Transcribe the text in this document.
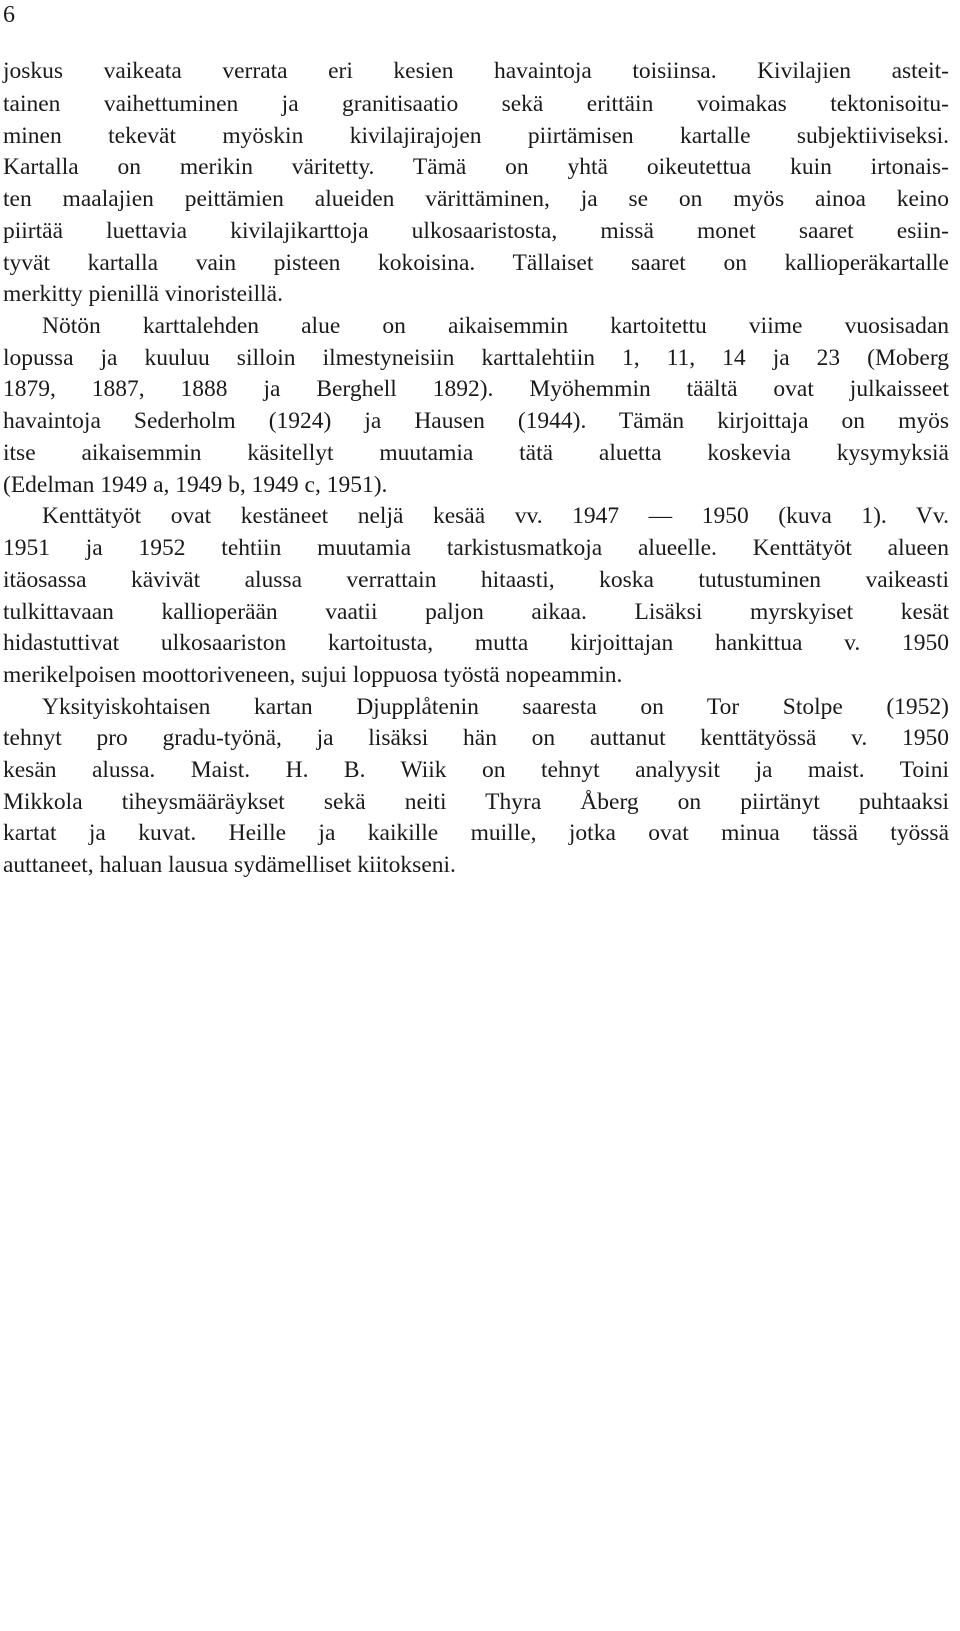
6
joskus vaikeata verrata eri kesien havaintoja toisiinsa. Kivilajien asteit-
tainen vaihettuminen ja granitisaatio sekä erittäin voimakas tektonisoitu-
minen tekevät myöskin kivilajirajojen piirtämisen kartalle subjektiiviseksi.
Kartalla on merikin väritetty. Tämä on yhtä oikeutettua kuin irtonais-
ten maalajien peittämien alueiden värittäminen, ja se on myös ainoa keino
piirtää luettavia kivilajikarttoja ulkosaaristosta, missä monet saaret esiin-
tyvät kartalla vain pisteen kokoisina. Tällaiset saaret on kallioperäkartalle
merkitty pienillä vinoristeillä.
Nötön karttalehden alue on aikaisemmin kartoitettu viime vuosisadan
lopussa ja kuuluu silloin ilmestyneisiin karttalehtiin 1, 11, 14 ja 23 (Moberg
1879, 1887, 1888 ja Berghell 1892). Myöhemmin täältä ovat julkaisseet
havaintoja Sederholm (1924) ja Hausen (1944). Tämän kirjoittaja on myös
itse aikaisemmin käsitellyt muutamia tätä aluetta koskevia kysymyksiä
(Edelman 1949 a, 1949 b, 1949 c, 1951).
Kenttätyöt ovat kestäneet neljä kesää vv. 1947 — 1950 (kuva 1). Vv.
1951 ja 1952 tehtiin muutamia tarkistusmatkoja alueelle. Kenttätyöt alueen
itäosassa kävivät alussa verrattain hitaasti, koska tutustuminen vaikeasti
tulkittavaan kallioperään vaatii paljon aikaa. Lisäksi myrskyiset kesät
hidastuttivat ulkosaariston kartoitusta, mutta kirjoittajan hankittua v. 1950
merikelpoisen moottoriveneen, sujui loppuosa työstä nopeammin.
Yksityiskohtaisen kartan Djupplåtenin saaresta on Tor Stolpe (1952)
tehnyt pro gradu-työnä, ja lisäksi hän on auttanut kenttätyössä v. 1950
kesän alussa. Maist. H. B. Wiik on tehnyt analyysit ja maist. Toini
Mikkola tiheysmääräykset sekä neiti Thyra Åberg on piirtänyt puhtaaksi
kartat ja kuvat. Heille ja kaikille muille, jotka ovat minua tässä työssä
auttaneet, haluan lausua sydämelliset kiitokseni.
